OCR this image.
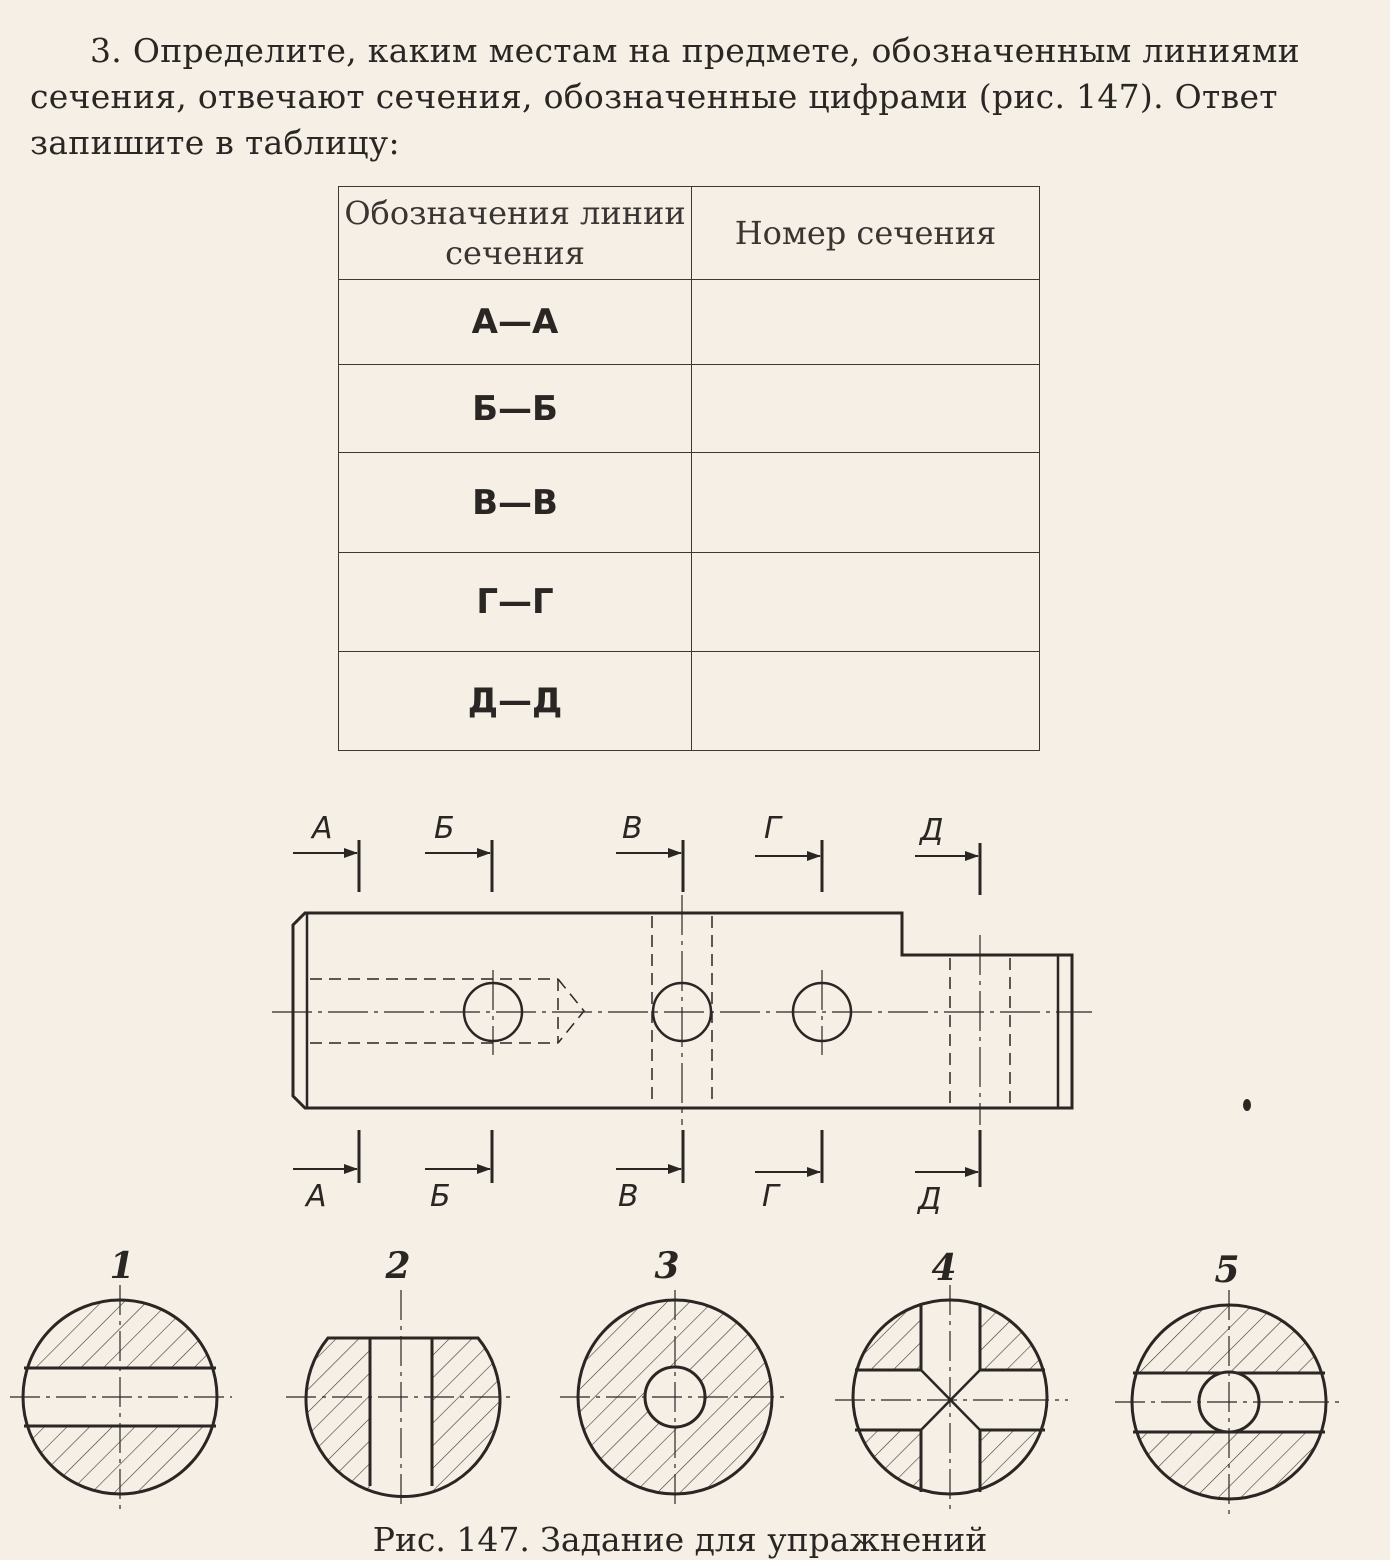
3. Определите, каким местам на предмете, обозначенным линиями сечения, отвечают сечения, обозначенные цифрами (рис. 147). Ответ запишите в таблицу:

Обозначения линии сечения	Номер сечения
А—А	
Б—Б	
В—В	
Г—Г	
Д—Д	
А
А
Б
Б
В
В
Г
Г
Д
Д
1	2	3	4	5
Рис. 147. Задание для упражнений
